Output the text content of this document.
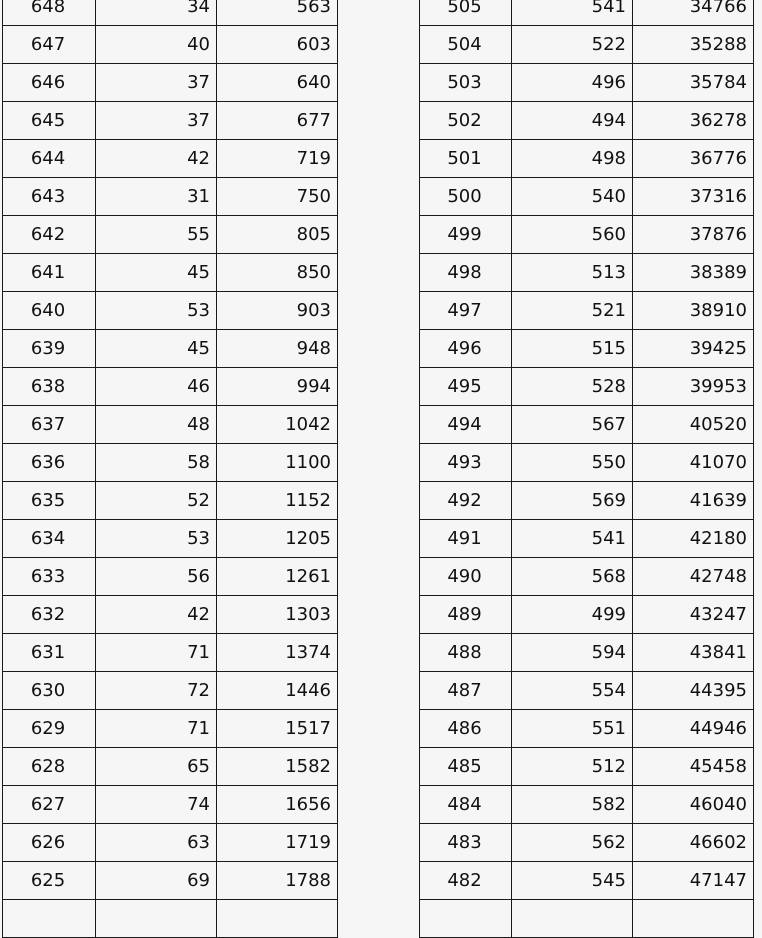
648	34	563
647	40	603
646	37	640
645	37	677
644	42	719
643	31	750
642	55	805
641	45	850
640	53	903
639	45	948
638	46	994
637	48	1042
636	58	1100
635	52	1152
634	53	1205
633	56	1261
632	42	1303
631	71	1374
630	72	1446
629	71	1517
628	65	1582
627	74	1656
626	63	1719
625	69	1788

505	541	34766
504	522	35288
503	496	35784
502	494	36278
501	498	36776
500	540	37316
499	560	37876
498	513	38389
497	521	38910
496	515	39425
495	528	39953
494	567	40520
493	550	41070
492	569	41639
491	541	42180
490	568	42748
489	499	43247
488	594	43841
487	554	44395
486	551	44946
485	512	45458
484	582	46040
483	562	46602
482	545	47147
